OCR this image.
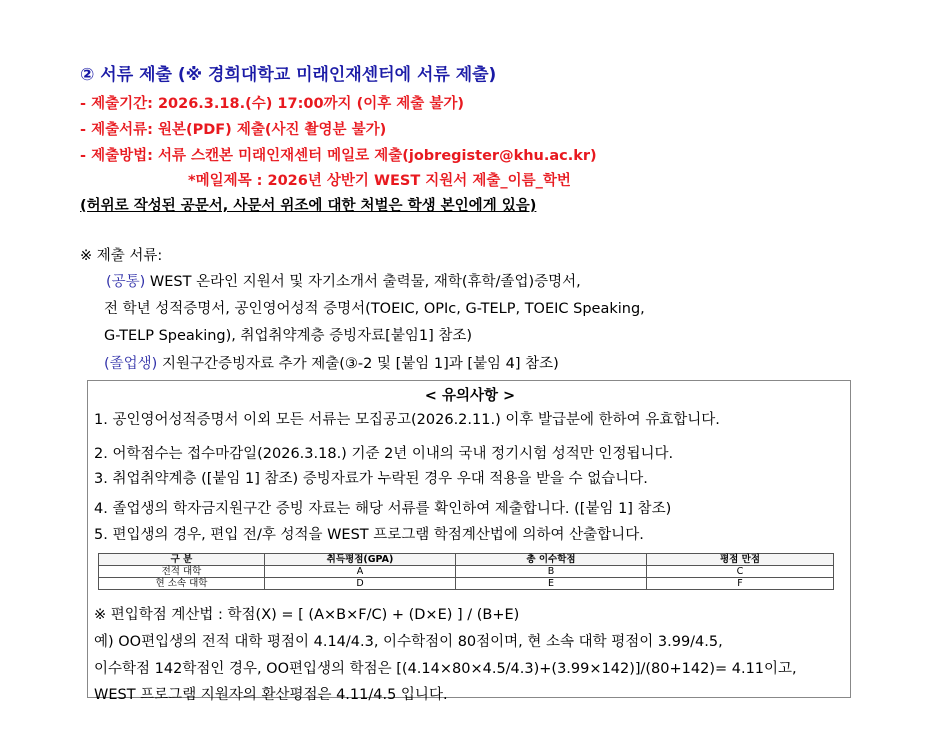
② 서류 제출 (※ 경희대학교 미래인재센터에 서류 제출)
- 제출기간: 2026.3.18.(수) 17:00까지 (이후 제출 불가)
- 제출서류: 원본(PDF) 제출(사진 촬영분 불가)
- 제출방법: 서류 스캔본 미래인재센터 메일로 제출(jobregister@khu.ac.kr)
*메일제목 : 2026년 상반기 WEST 지원서 제출_이름_학번
(허위로 작성된 공문서, 사문서 위조에 대한 처벌은 학생 본인에게 있음)
※ 제출 서류:
(공통) WEST 온라인 지원서 및 자기소개서 출력물, 재학(휴학/졸업)증명서,
전 학년 성적증명서, 공인영어성적 증명서(TOEIC, OPIc, G-TELP, TOEIC Speaking,
G-TELP Speaking), 취업취약계층 증빙자료[붙임1] 참조)
(졸업생) 지원구간증빙자료 추가 제출(③-2 및 [붙임 1]과 [붙임 4] 참조)
< 유의사항 >
1. 공인영어성적증명서 이외 모든 서류는 모집공고(2026.2.11.) 이후 발급분에 한하여 유효합니다.
2. 어학점수는 접수마감일(2026.3.18.) 기준 2년 이내의 국내 정기시험 성적만 인정됩니다.
3. 취업취약계층 ([붙임 1] 참조) 증빙자료가 누락된 경우 우대 적용을 받을 수 없습니다.
4. 졸업생의 학자금지원구간 증빙 자료는 해당 서류를 확인하여 제출합니다. ([붙임 1] 참조)
5. 편입생의 경우, 편입 전/후 성적을 WEST 프로그램 학점계산법에 의하여 산출합니다.
구 분	취득평점(GPA)	총 이수학점	평점 만점
전적 대학	A	B	C
현 소속 대학	D	E	F
※ 편입학점 계산법 : 학점(X) = [ (A×B×F/C) + (D×E) ] / (B+E)
예) OO편입생의 전적 대학 평점이 4.14/4.3, 이수학점이 80점이며, 현 소속 대학 평점이 3.99/4.5,
이수학점 142학점인 경우, OO편입생의 학점은 [(4.14×80×4.5/4.3)+(3.99×142)]/(80+142)= 4.11이고,
WEST 프로그램 지원자의 환산평점은 4.11/4.5 입니다.
